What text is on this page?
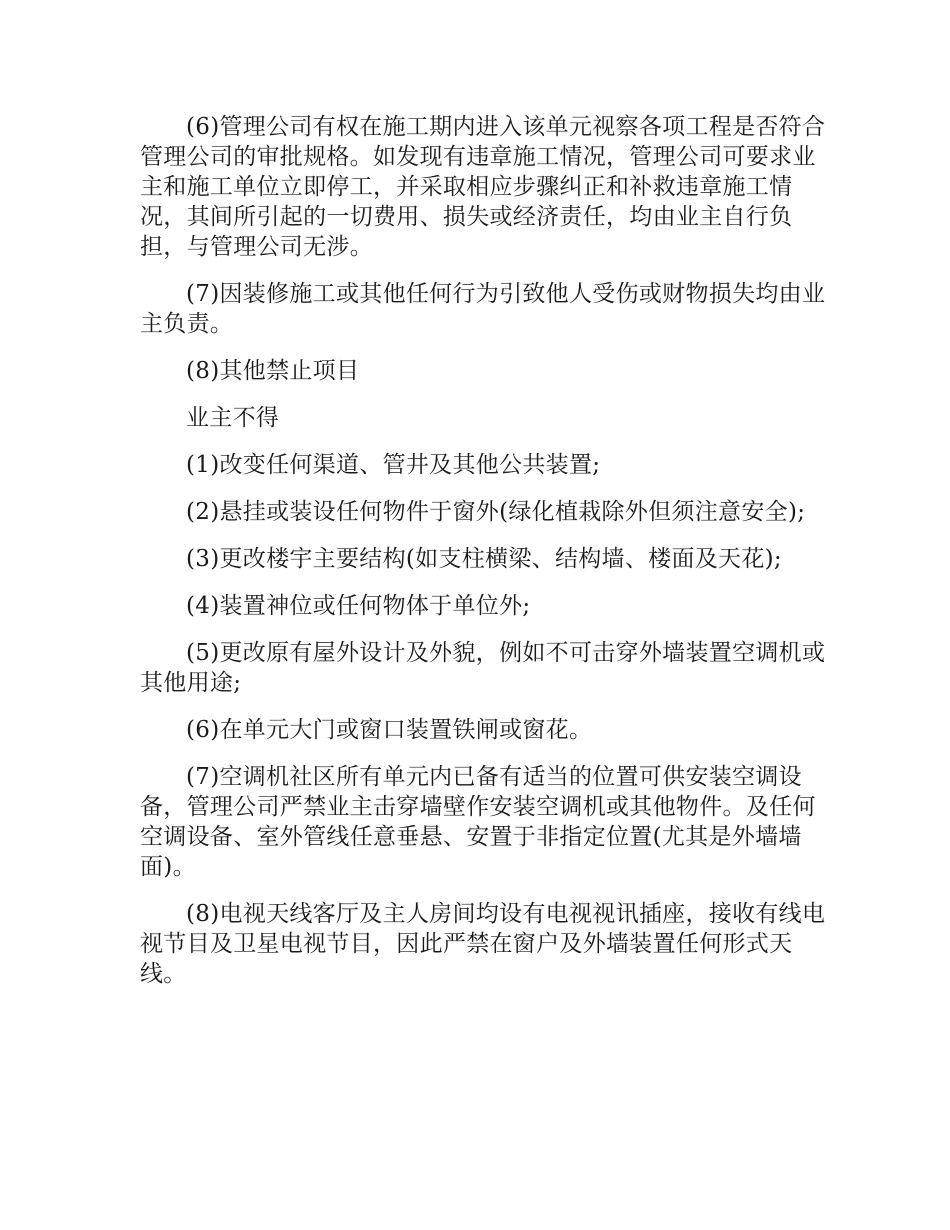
(6)管理公司有权在施工期内进入该单元视察各项工程是否符合管理公司的审批规格。如发现有违章施工情况，管理公司可要求业主和施工单位立即停工，并采取相应步骤纠正和补救违章施工情况，其间所引起的一切费用、损失或经济责任，均由业主自行负担，与管理公司无涉。

(7)因装修施工或其他任何行为引致他人受伤或财物损失均由业主负责。

(8)其他禁止项目

业主不得

(1)改变任何渠道、管井及其他公共装置;

(2)悬挂或装设任何物件于窗外(绿化植栽除外但须注意安全);

(3)更改楼宇主要结构(如支柱横梁、结构墙、楼面及天花);

(4)装置神位或任何物体于单位外;

(5)更改原有屋外设计及外貌，例如不可击穿外墙装置空调机或其他用途;

(6)在单元大门或窗口装置铁闸或窗花。

(7)空调机社区所有单元内已备有适当的位置可供安装空调设备，管理公司严禁业主击穿墙壁作安装空调机或其他物件。及任何空调设备、室外管线任意垂悬、安置于非指定位置(尤其是外墙墙面)。

(8)电视天线客厅及主人房间均设有电视视讯插座，接收有线电视节目及卫星电视节目，因此严禁在窗户及外墙装置任何形式天线。
